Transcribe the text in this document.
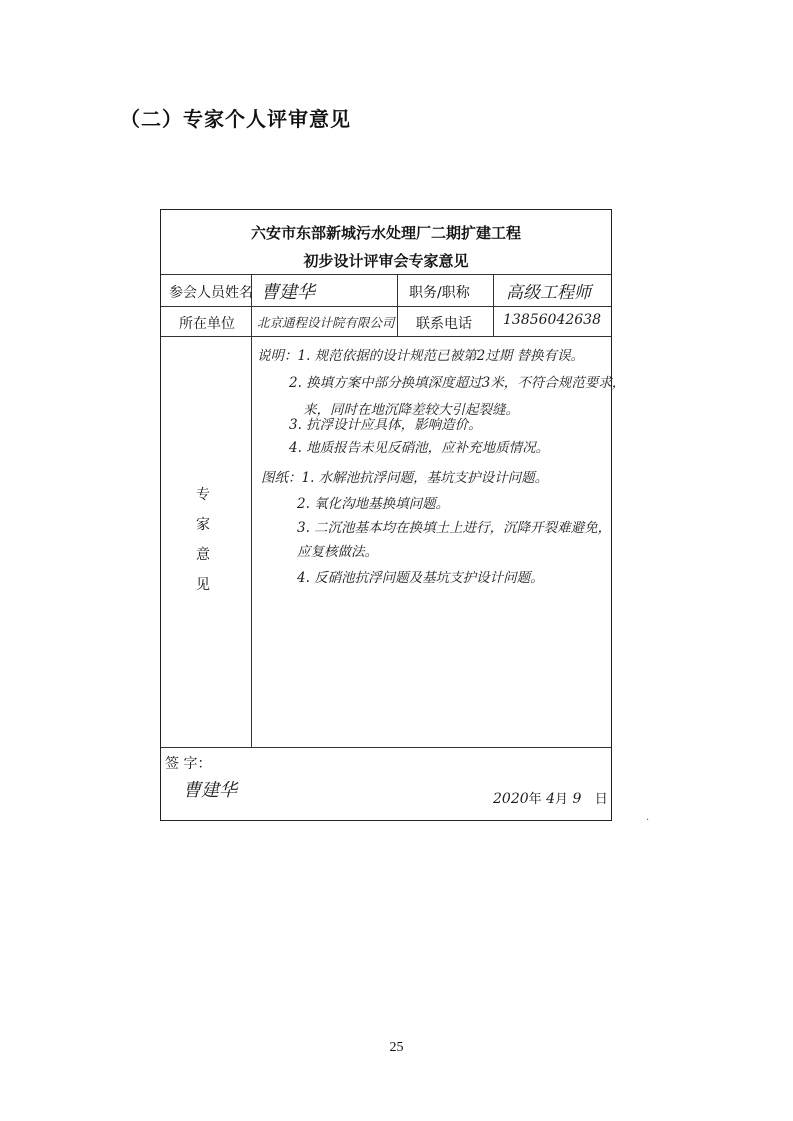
（二）专家个人评审意见
六安市东部新城污水处理厂二期扩建工程
初步设计评审会专家意见
参会人员姓名 曹建华	职务/职称 高级工程师
所在单位 北京通程设计院有限公司 联系电话 13856042638
专
家
意
见
说明：1. 规范依据的设计规范已被第2过期 替换有误。
2. 换填方案中部分换填深度超过3米，不符合规范要求，
来，同时在地沉降差较大引起裂缝。
3. 抗浮设计应具体，影响造价。
4. 地质报告未见反硝池，应补充地质情况。
图纸：1. 水解池抗浮问题，基坑支护设计问题。
2. 氧化沟地基换填问题。
3. 二沉池基本均在换填土上进行，沉降开裂难避免，
应复核做法。
4. 反硝池抗浮问题及基坑支护设计问题。
签 字：
曹建华	2020年 4月 9 日
·
25
